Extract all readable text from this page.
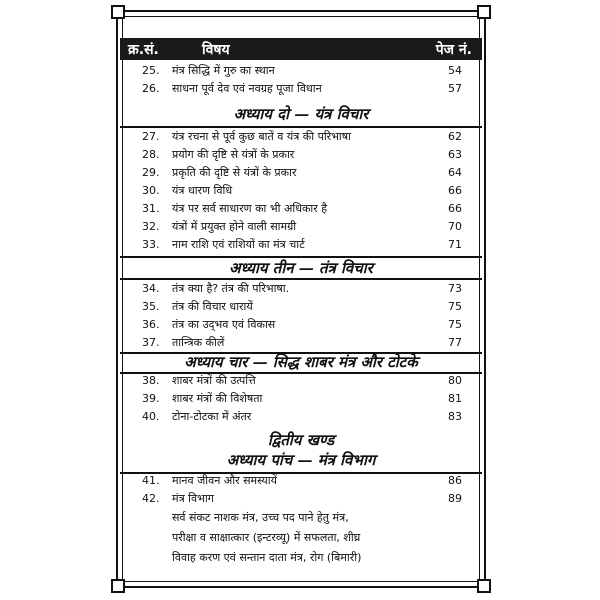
क्र.सं.	विषय	पेज नं.
25. मंत्र सिद्धि में गुरु का स्थान	54
26. साधना पूर्व देव एवं नवग्रह पूजा विधान	57
अध्याय दो — यंत्र विचार
27. यंत्र रचना से पूर्व कुछ बातें व यंत्र की परिभाषा	62
28. प्रयोग की दृष्टि से यंत्रों के प्रकार	63
29. प्रकृति की दृष्टि से यंत्रों के प्रकार	64
30. यंत्र धारण विधि	66
31. यंत्र पर सर्व साधारण का भी अधिकार है	66
32. यंत्रों में प्रयुक्त होने वाली सामग्री	70
33. नाम राशि एवं राशियों का मंत्र चार्ट	71
अध्याय तीन — तंत्र विचार
34. तंत्र क्या है? तंत्र की परिभाषा.	73
35. तंत्र की विचार धारायें	75
36. तंत्र का उद्‌भव एवं विकास	75
37. तान्त्रिक कीलें	77
अध्याय चार — सिद्ध शाबर मंत्र और टोटके
38. शाबर मंत्रों की उत्पत्ति	80
39. शाबर मंत्रों की विशेषता	81
40. टोना-टोटका में अंतर	83
द्वितीय खण्ड
अध्याय पांच — मंत्र विभाग
41. मानव जीवन और समस्यायें	86
42. मंत्र विभाग	89
सर्व संकट नाशक मंत्र, उच्च पद पाने हेतु मंत्र,
परीक्षा व साक्षात्कार (इन्टरव्यू) में सफलता, शीघ्र
विवाह करण एवं सन्तान दाता मंत्र, रोग (बिमारी)
